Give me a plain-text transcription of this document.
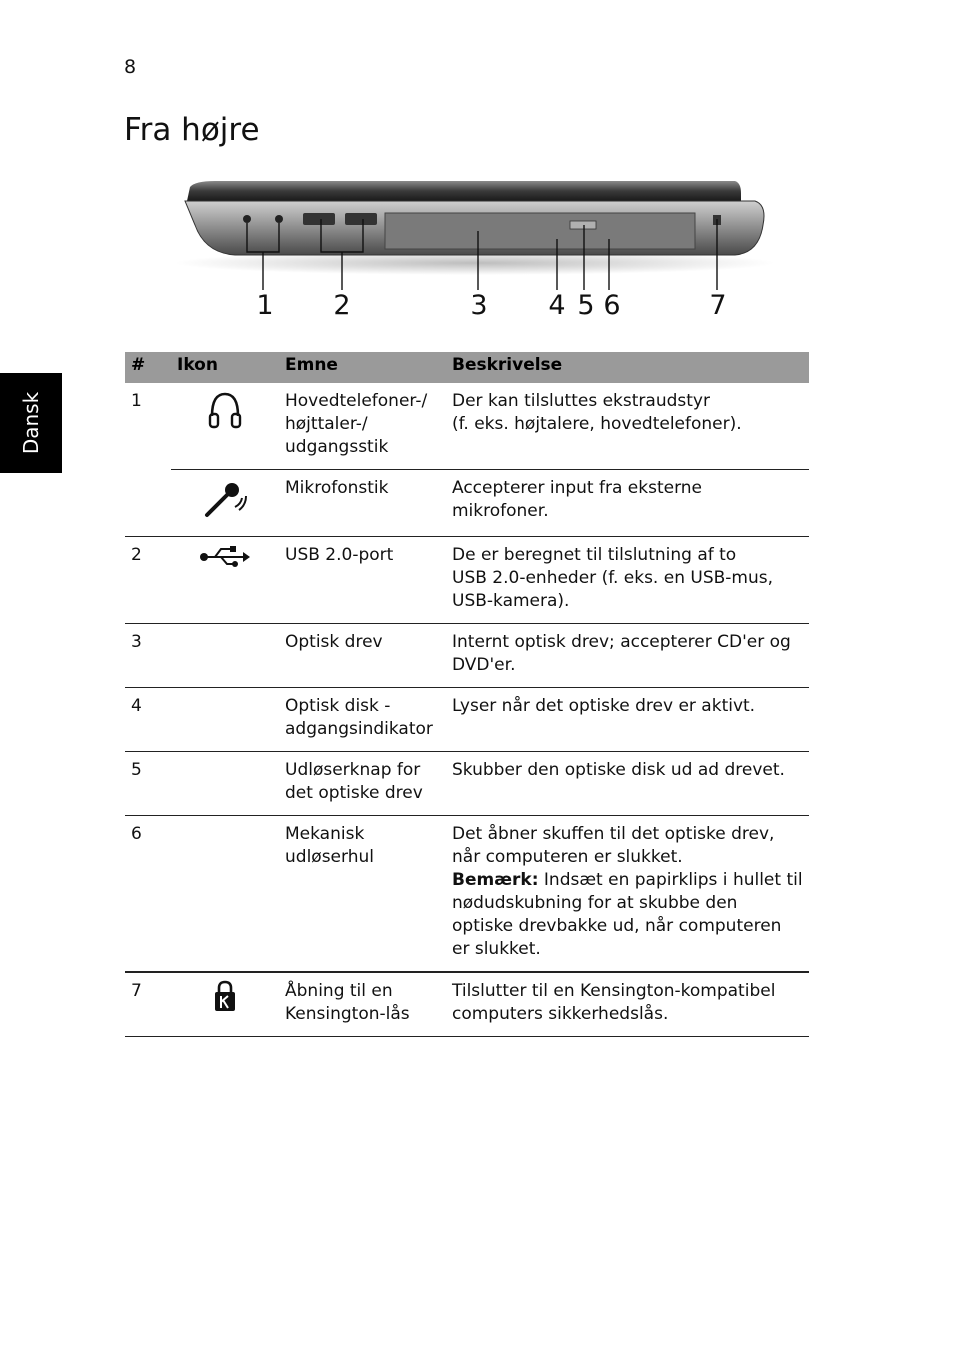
8
Fra højre
Dansk
1 2	3 4 5 6	7
#	Ikon	Emne	Beskrivelse
1		Hovedtelefoner-/ højttaler-/ udgangsstik	Der kan tilsluttes ekstraudstyr
(f. eks. højtalere, hovedtelefoner).

		Mikrofonstik	Accepterer input fra eksterne mikrofoner.

2		USB 2.0-port	De er beregnet til tilslutning af to
USB 2.0-enheder (f. eks. en USB-mus,
USB-kamera).

3		Optisk drev	Internt optisk drev; accepterer CD'er og DVD'er.

4		Optisk disk - adgangsindikator	Lyser når det optiske drev er aktivt.

5		Udløserknap for det optiske drev	Skubber den optiske disk ud ad drevet.

6		Mekanisk udløserhul	Det åbner skuffen til det optiske drev, når computeren er slukket.
Bemærk: Indsæt en papirklips i hullet til nødudskubning for at skubbe den optiske drevbakke ud, når computeren er slukket.

7		Åbning til en Kensington-lås	Tilslutter til en Kensington-kompatibel computers sikkerhedslås.
